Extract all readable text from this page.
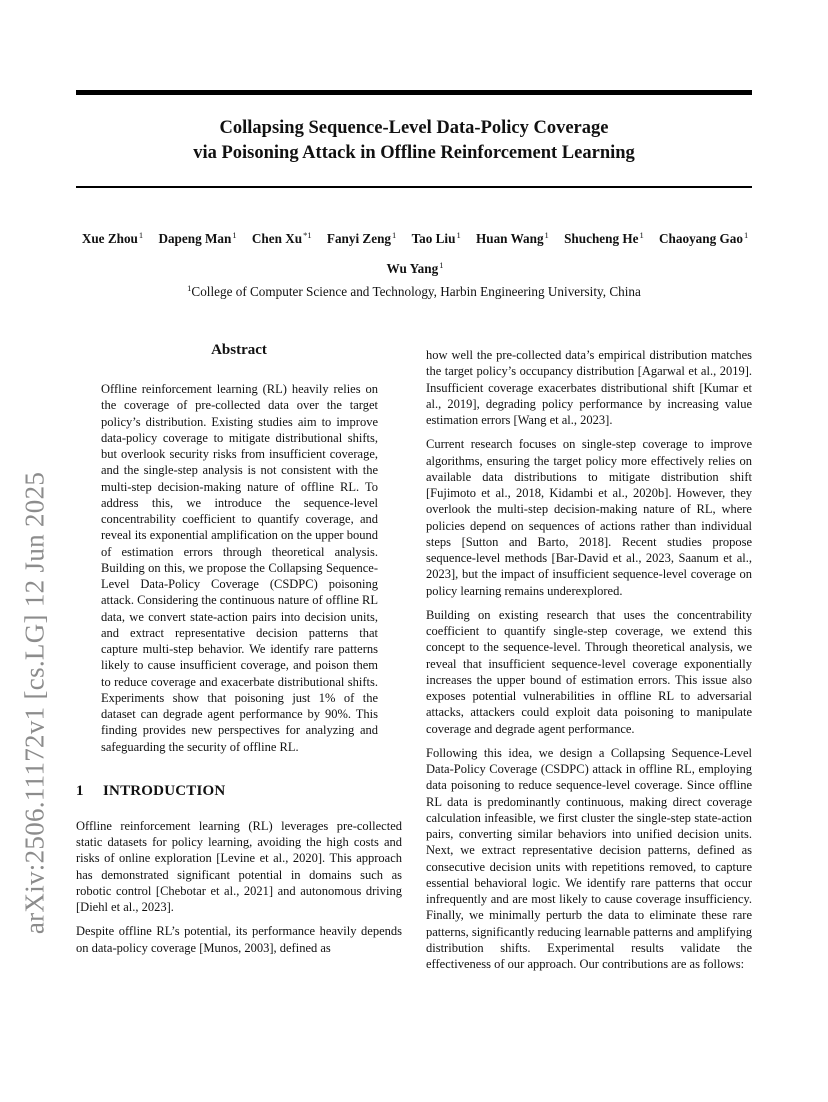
Collapsing Sequence-Level Data-Policy Coverage
via Poisoning Attack in Offline Reinforcement Learning
Xue Zhou$^1$ Dapeng Man$^1$ Chen Xu$^{*1}$ Fanyi Zeng$^1$ Tao Liu$^1$ Huan Wang$^1$ Shucheng He$^1$ Chaoyang Gao$^1$
Wu Yang$^1$
$^1$College of Computer Science and Technology, Harbin Engineering University, China
arXiv:2506.11172v1 [cs.LG] 12 Jun 2025
Abstract

Offline reinforcement learning (RL) heavily relies on the coverage of pre-collected data over the target policy’s distribution. Existing studies aim to improve data-policy coverage to mitigate distributional shifts, but overlook security risks from insufficient coverage, and the single-step analysis is not consistent with the multi-step decision-making nature of offline RL. To address this, we introduce the sequence-level concentrability coefficient to quantify coverage, and reveal its exponential amplification on the upper bound of estimation errors through theoretical analysis. Building on this, we propose the Collapsing Sequence-Level Data-Policy Coverage (CSDPC) poisoning attack. Considering the continuous nature of offline RL data, we convert state-action pairs into decision units, and extract representative decision patterns that capture multi-step behavior. We identify rare patterns likely to cause insufficient coverage, and poison them to reduce coverage and exacerbate distributional shifts. Experiments show that poisoning just 1% of the dataset can degrade agent performance by 90%. This finding provides new perspectives for analyzing and safeguarding the security of offline RL.

1 INTRODUCTION

Offline reinforcement learning (RL) leverages pre-collected static datasets for policy learning, avoiding the high costs and risks of online exploration [Levine et al., 2020]. This approach has demonstrated significant potential in domains such as robotic control [Chebotar et al., 2021] and autonomous driving [Diehl et al., 2023].

Despite offline RL’s potential, its performance heavily depends on data-policy coverage [Munos, 2003], defined as

how well the pre-collected data’s empirical distribution matches the target policy’s occupancy distribution [Agarwal et al., 2019]. Insufficient coverage exacerbates distributional shift [Kumar et al., 2019], degrading policy performance by increasing value estimation errors [Wang et al., 2023].

Current research focuses on single-step coverage to improve algorithms, ensuring the target policy more effectively relies on available data distributions to mitigate distribution shift [Fujimoto et al., 2018, Kidambi et al., 2020b]. However, they overlook the multi-step decision-making nature of RL, where policies depend on sequences of actions rather than individual steps [Sutton and Barto, 2018]. Recent studies propose sequence-level methods [Bar-David et al., 2023, Saanum et al., 2023], but the impact of insufficient sequence-level coverage on policy learning remains underexplored.

Building on existing research that uses the concentrability coefficient to quantify single-step coverage, we extend this concept to the sequence-level. Through theoretical analysis, we reveal that insufficient sequence-level coverage exponentially increases the upper bound of estimation errors. This issue also exposes potential vulnerabilities in offline RL to adversarial attacks, attackers could exploit data poisoning to manipulate coverage and degrade agent performance.

Following this idea, we design a Collapsing Sequence-Level Data-Policy Coverage (CSDPC) attack in offline RL, employing data poisoning to reduce sequence-level coverage. Since offline RL data is predominantly continuous, making direct coverage calculation infeasible, we first cluster the single-step state-action pairs, converting similar behaviors into unified decision units. Next, we extract representative decision patterns, defined as consecutive decision units with repetitions removed, to capture essential behavioral logic. We identify rare patterns that occur infrequently and are most likely to cause coverage insufficiency. Finally, we minimally perturb the data to eliminate these rare patterns, significantly reducing learnable patterns and amplifying distribution shifts. Experimental results validate the effectiveness of our approach. Our contributions are as follows:
